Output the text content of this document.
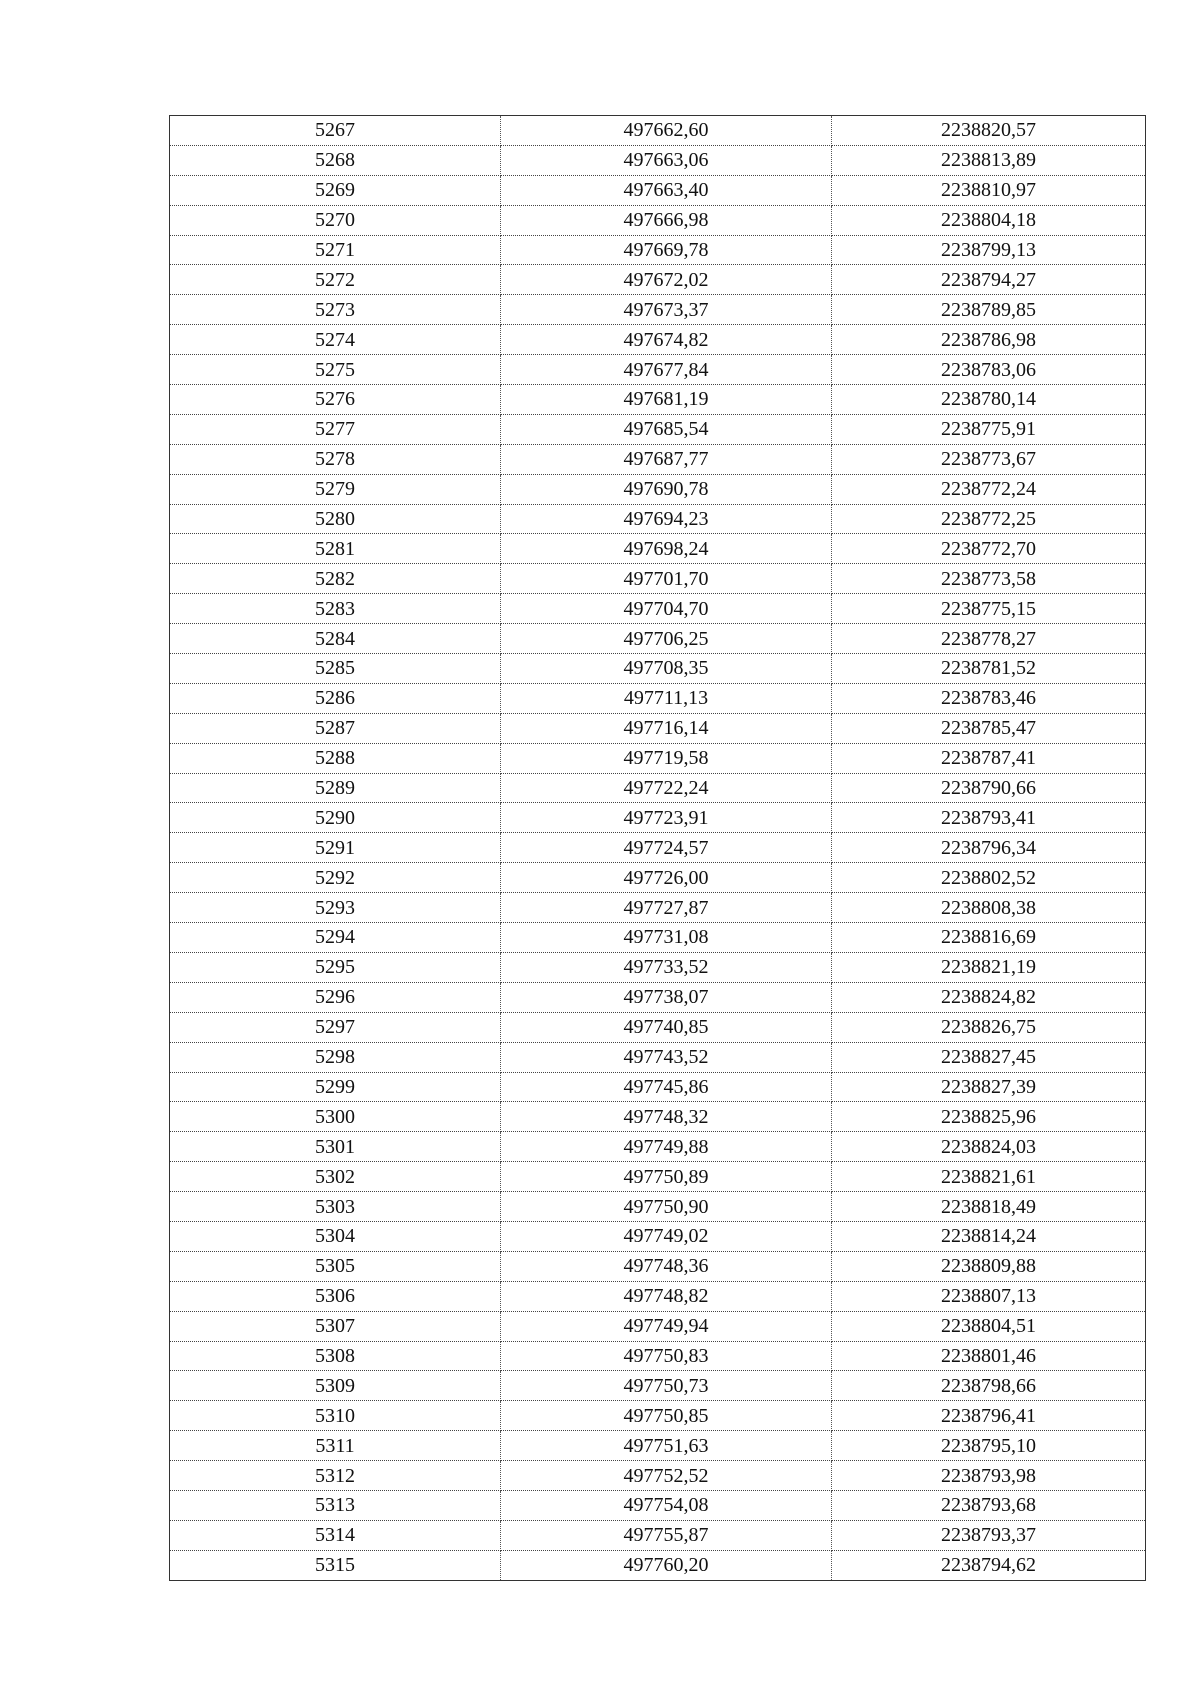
5267	497662,60	2238820,57
5268	497663,06	2238813,89
5269	497663,40	2238810,97
5270	497666,98	2238804,18
5271	497669,78	2238799,13
5272	497672,02	2238794,27
5273	497673,37	2238789,85
5274	497674,82	2238786,98
5275	497677,84	2238783,06
5276	497681,19	2238780,14
5277	497685,54	2238775,91
5278	497687,77	2238773,67
5279	497690,78	2238772,24
5280	497694,23	2238772,25
5281	497698,24	2238772,70
5282	497701,70	2238773,58
5283	497704,70	2238775,15
5284	497706,25	2238778,27
5285	497708,35	2238781,52
5286	497711,13	2238783,46
5287	497716,14	2238785,47
5288	497719,58	2238787,41
5289	497722,24	2238790,66
5290	497723,91	2238793,41
5291	497724,57	2238796,34
5292	497726,00	2238802,52
5293	497727,87	2238808,38
5294	497731,08	2238816,69
5295	497733,52	2238821,19
5296	497738,07	2238824,82
5297	497740,85	2238826,75
5298	497743,52	2238827,45
5299	497745,86	2238827,39
5300	497748,32	2238825,96
5301	497749,88	2238824,03
5302	497750,89	2238821,61
5303	497750,90	2238818,49
5304	497749,02	2238814,24
5305	497748,36	2238809,88
5306	497748,82	2238807,13
5307	497749,94	2238804,51
5308	497750,83	2238801,46
5309	497750,73	2238798,66
5310	497750,85	2238796,41
5311	497751,63	2238795,10
5312	497752,52	2238793,98
5313	497754,08	2238793,68
5314	497755,87	2238793,37
5315	497760,20	2238794,62
